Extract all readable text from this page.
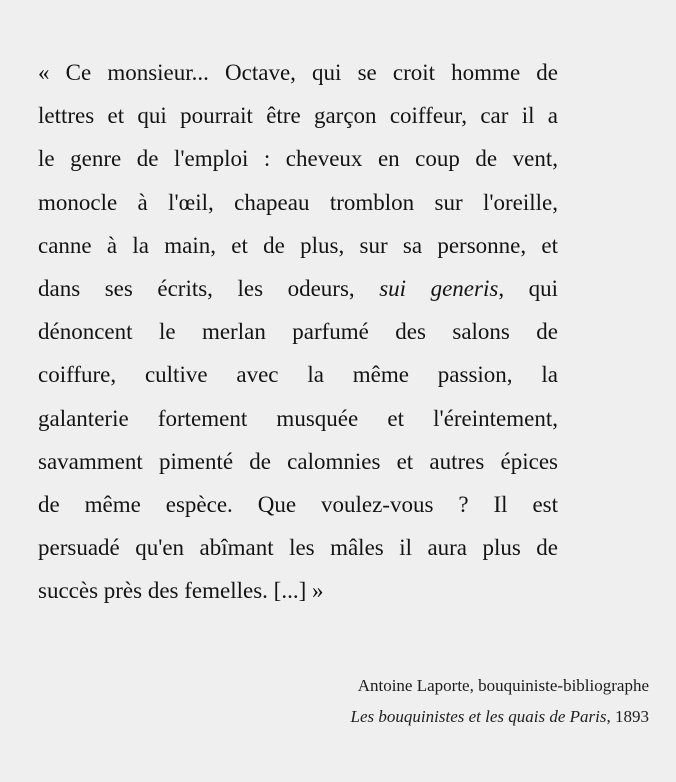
« Ce monsieur... Octave, qui se croit homme de
lettres et qui pourrait être garçon coiffeur, car il a
le genre de l'emploi : cheveux en coup de vent,
monocle à l'œil, chapeau tromblon sur l'oreille,
canne à la main, et de plus, sur sa personne, et
dans ses écrits, les odeurs, sui generis, qui
dénoncent le merlan parfumé des salons de
coiffure, cultive avec la même passion, la
galanterie fortement musquée et l'éreintement,
savamment pimenté de calomnies et autres épices
de même espèce. Que voulez-vous ? Il est
persuadé qu'en abîmant les mâles il aura plus de
succès près des femelles. [...] »
Antoine Laporte, bouquiniste-bibliographe
Les bouquinistes et les quais de Paris, 1893
